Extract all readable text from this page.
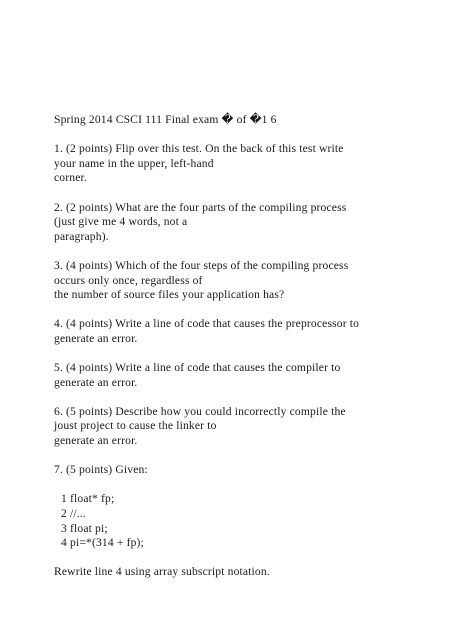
Spring 2014 CSCI 111 Final exam � of �1 6
1. (2 points) Flip over this test. On the back of this test write
your name in the upper, left-hand
corner.
2. (2 points) What are the four parts of the compiling process
(just give me 4 words, not a
paragraph).
3. (4 points) Which of the four steps of the compiling process
occurs only once, regardless of
the number of source files your application has?
4. (4 points) Write a line of code that causes the preprocessor to
generate an error.
5. (4 points) Write a line of code that causes the compiler to
generate an error.
6. (5 points) Describe how you could incorrectly compile the
joust project to cause the linker to
generate an error.
7. (5 points) Given:
1 float* fp;
2 //...
3 float pi;
4 pi=*(314 + fp);
Rewrite line 4 using array subscript notation.
